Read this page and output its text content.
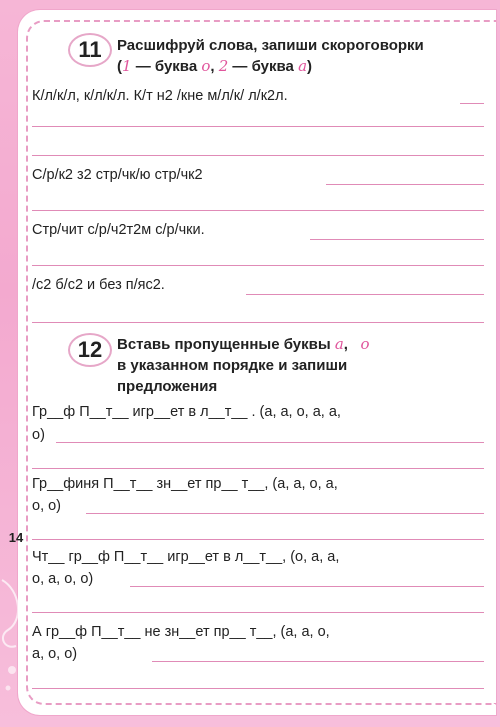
11	Расшифруй слова, запиши скороговорки
(1 — буква о, 2 — буква а)
К/л/к/л, к/л/к/л. К/т н2 /кне м/л/к/ л/к2л.
С/р/к2 з2 стр/чк/ю стр/чк2
Стр/чит с/р/ч2т2м с/р/чки.
/с2 б/с2 и без п/яс2.
12 Вставь пропущенные буквы а, о
в указанном порядке и запиши
предложения
Гр__ф П__т__ игр__ет в л__т__ . (а, а, о, а, а,
о)
Гр__финя П__т__ зн__ет пр__ т__, (а, а, о, а,
о, о)
Чт__ гр__ф П__т__ игр__ет в л__т__, (о, а, а,
о, а, о, о)
А гр__ф П__т__ не зн__ет пр__ т__, (а, а, о,
а, о, о)
14
